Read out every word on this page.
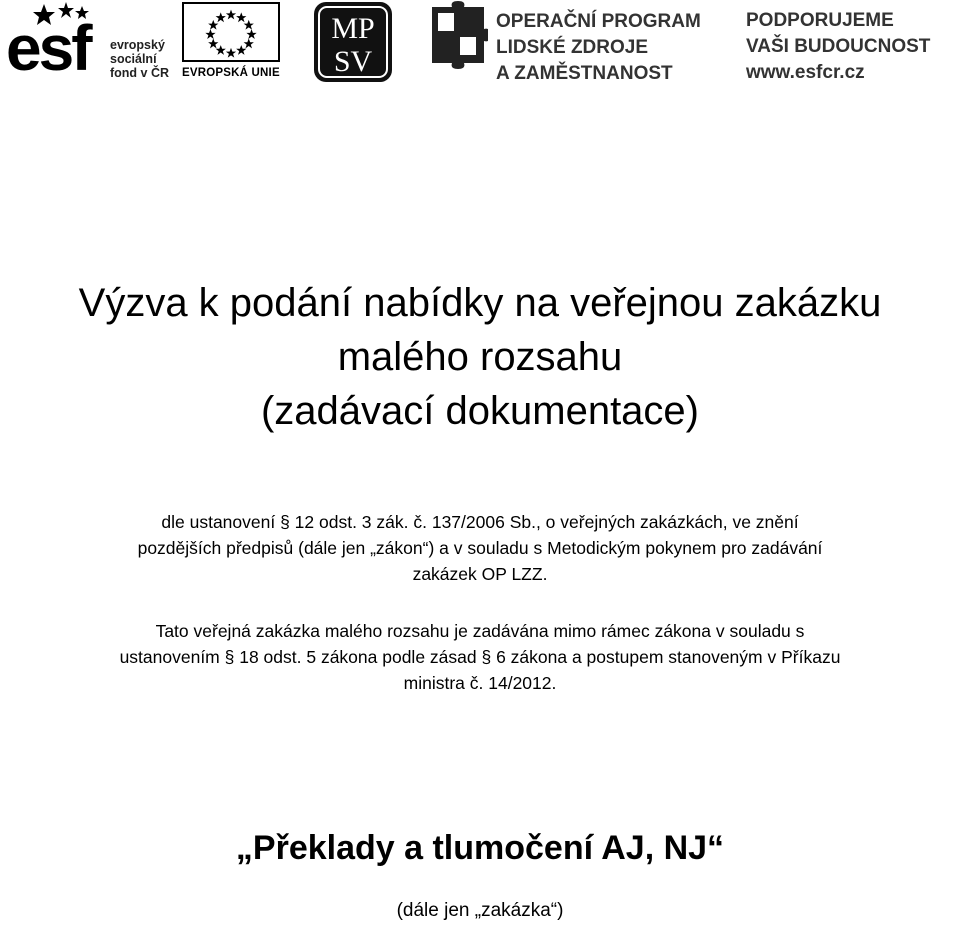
esf evropský
sociální
fond v ČR EVROPSKÁ UNIE
MP
SV
OPERAČNÍ PROGRAM
LIDSKÉ ZDROJE
A ZAMĚSTNANOST
PODPORUJEME
VAŠI BUDOUCNOST
www.esfcr.cz
Výzva k podání nabídky na veřejnou zakázku
malého rozsahu
(zadávací dokumentace)

dle ustanovení § 12 odst. 3 zák. č. 137/2006 Sb., o veřejných zakázkách, ve znění
pozdějších předpisů (dále jen „zákon“) a v souladu s Metodickým pokynem pro zadávání
zakázek OP LZZ.

Tato veřejná zakázka malého rozsahu je zadávána mimo rámec zákona v souladu s
ustanovením § 18 odst. 5 zákona podle zásad § 6 zákona a postupem stanoveným v Příkazu
ministra č. 14/2012.

„Překlady a tlumočení AJ, NJ“
(dále jen „zakázka“)
